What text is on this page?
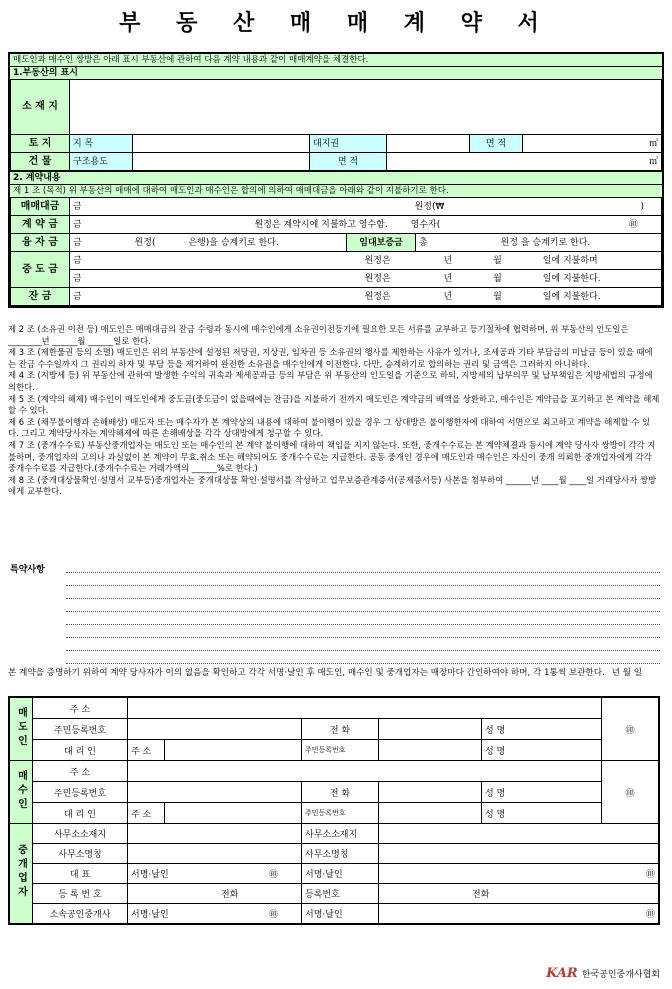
부 동 산 매 매 계 약 서
매도인과 매수인 쌍방은 아래 표시 부동산에 관하여 다음 계약 내용과 같이 매매계약을 체결한다.
1.부동산의 표시
소 재 지						
토 지	지 목		대지권		면 적	㎡
건 물	구조용도		면 적	㎡		
2. 계약내용
제 1 조 (목적) 위 부동산의 매매에 대하여 매도인과 매수인은 합의에 의하여 매매대금을 아래와 같이 지불하기로 한다.
매매대금	금 원정(₩ )		

계 약 금	금 원정은 계약시에 지불하고 영수함. 영수자( ㊞		

융 자 금	금 원정( 은행)을 승계키로 한다.	임대보증금	총 원정 을 승계키로 한다.
중 도 금	금 원정은 년 월 일에 지불하며		
	금 원정은 년 월 일에 지불한다.		
잔 금	금 원정은 년 월 일에 지불한다.		

제 2 조 (소유권 이전 등) 매도인은 매매대금의 잔금 수령과 동시에 매수인에게 소유권이전등기에 필요한 모든 서류를 교부하고 등기절차에 협력하며, 위 부동산의 인도일은 ________년 ______월 ______일로 한다.

제 3 조 (제한물권 등의 소멸) 매도인은 위의 부동산에 설정된 저당권, 지상권, 임차권 등 소유권의 행사를 제한하는 사유가 있거나, 조세공과 기타 부담금의 미납금 등이 있을 때에는 잔금 수수일까지 그 권리의 하자 및 부담 등을 제거하여 완전한 소유권을 매수인에게 이전한다. 다만, 승계하기로 합의하는 권리 및 금액은 그러하지 아니하다.

제 4 조 (지방세 등) 위 부동산에 관하여 발생한 수익의 귀속과 제세공과금 등의 부담은 위 부동산의 인도일을 기준으로 하되, 지방세의 납부의무 및 납부책임은 지방세법의 규정에 의한다.

제 5 조 (계약의 해제) 매수인이 매도인에게 중도금(중도금이 없을때에는 잔금)을 지불하기 전까지 매도인은 계약금의 배액을 상환하고, 매수인은 계약금을 포기하고 본 계약을 해제할 수 있다.

제 6 조 (채무불이행과 손해배상) 매도자 또는 매수자가 본 계약상의 내용에 대하여 불이행이 있을 경우 그 상대방은 불이행한자에 대하여 서면으로 최고하고 계약을 해제할 수 있다. 그리고 계약당사자는 계약해제에 따른 손해배상을 각각 상대방에게 청구할 수 있다.

제 7 조 (중개수수료) 부동산중개업자는 매도인 또는 매수인의 본 계약 불이행에 대하여 책임을 지지 않는다. 또한, 중개수수료는 본 계약체결과 동시에 계약 당사자 쌍방이 각각 지불하며, 중개업자의 고의나 과실없이 본 계약이 무효.취소 또는 해약되어도 중개수수료는 지급한다. 공동 중개인 경우에 매도인과 매수인은 자신이 중개 의뢰한 중개업자에게 각각 중개수수료를 지급한다.(중개수수료는 거래가액의 ______%로 한다.)

제 8 조 (중개대상물확인·설명서 교부등)중개업자는 중개대상물 확인·설명서를 작성하고 업무보증관계증서(공제증서등) 사본을 첨부하여 ______년 ____월 ____일 거래당사자 쌍방에게 교부한다.

특약사항
본 계약을 증명하기 위하여 계약 당사자가 이의 없음을 확인하고 각각 서명·날인 후 매도인, 매수인 및 중개업자는 매장마다 간인하여야 하며, 각 1통씩 보관한다. 년 월 일
매도인	주 소						㊞
	주민등록번호			전 화		성 명	
	대 리 인	주 소		주민등록번호		성 명	
매수인	주 소						㊞
	주민등록번호			전 화		성 명	
	대 리 인	주 소		주민등록번호		성 명	
중개업자	사무소소재지			사무소소재지			
	사무소명칭			사무소명칭			
	대 표	서명·날인 ㊞		서명·날인	㊞		
	등 록 번 호	전화		등록번호	전화		
	소속공인중개사	서명·날인 ㊞		서명·날인	㊞		
KAR 한국공인중개사협회
